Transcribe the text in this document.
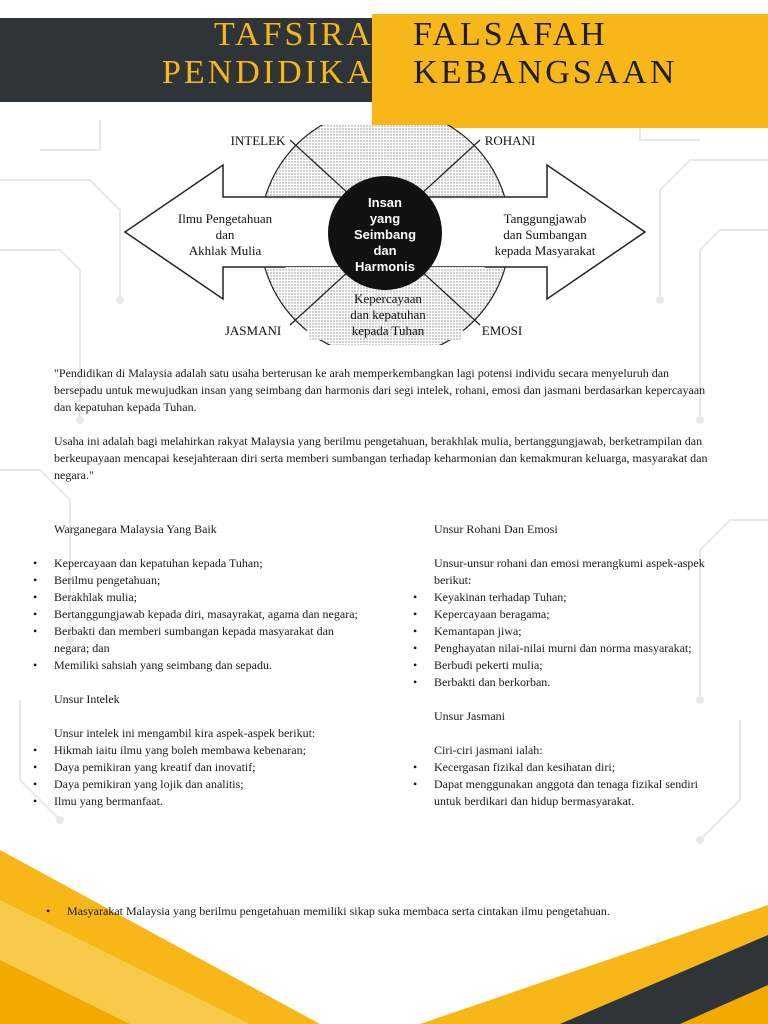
TAFSIRAN FALSAFAH
PENDIDIKAN KEBANGSAAN
Insan
yang
Seimbang
dan
Harmonis
INTELEK	ROHANI
JASMANI	EMOSI
Ilmu Pengetahuan
dan
Akhlak Mulia
Tanggungjawab
dan Sumbangan
kepada Masyarakat
Kepercayaan
dan kepatuhan
kepada Tuhan

"Pendidikan di Malaysia adalah satu usaha berterusan ke arah memperkembangkan lagi potensi individu secara menyeluruh dan bersepadu untuk mewujudkan insan yang seimbang dan harmonis dari segi intelek, rohani, emosi dan jasmani berdasarkan kepercayaan dan kepatuhan kepada Tuhan.

Usaha ini adalah bagi melahirkan rakyat Malaysia yang berilmu pengetahuan, berakhlak mulia, bertanggungjawab, berketrampilan dan berkeupayaan mencapai kesejahteraan diri serta memberi sumbangan terhadap keharmonian dan kemakmuran keluarga, masyarakat dan negara."

Warganegara Malaysia Yang Baik
• Kepercayaan dan kepatuhan kepada Tuhan;
• Berilmu pengetahuan;
• Berakhlak mulia;
• Bertanggungjawab kepada diri, masayrakat, agama dan negara;
• Berbakti dan memberi sumbangan kepada masyarakat dan negara; dan
• Memiliki sahsiah yang seimbang dan sepadu.
Unsur Intelek
Unsur intelek ini mengambil kira aspek-aspek berikut:
• Hikmah iaitu ilmu yang boleh membawa kebenaran;
• Daya pemikiran yang kreatif dan inovatif;
• Daya pemikiran yang lojik dan analitis;
• Ilmu yang bermanfaat.
Unsur Rohani Dan Emosi
Unsur-unsur rohani dan emosi merangkumi aspek-aspek berikut:
• Keyakinan terhadap Tuhan;
• Kepercayaan beragama;
• Kemantapan jiwa;
• Penghayatan nilai-nilai murni dan norma masyarakat;
• Berbudi pekerti mulia;
• Berbakti dan berkorban.
Unsur Jasmani
Ciri-ciri jasmani ialah:
• Kecergasan fizikal dan kesihatan diri;
• Dapat menggunakan anggota dan tenaga fizikal sendiri untuk berdikari dan hidup bermasyarakat.
• Masyarakat Malaysia yang berilmu pengetahuan memiliki sikap suka membaca serta cintakan ilmu pengetahuan.
